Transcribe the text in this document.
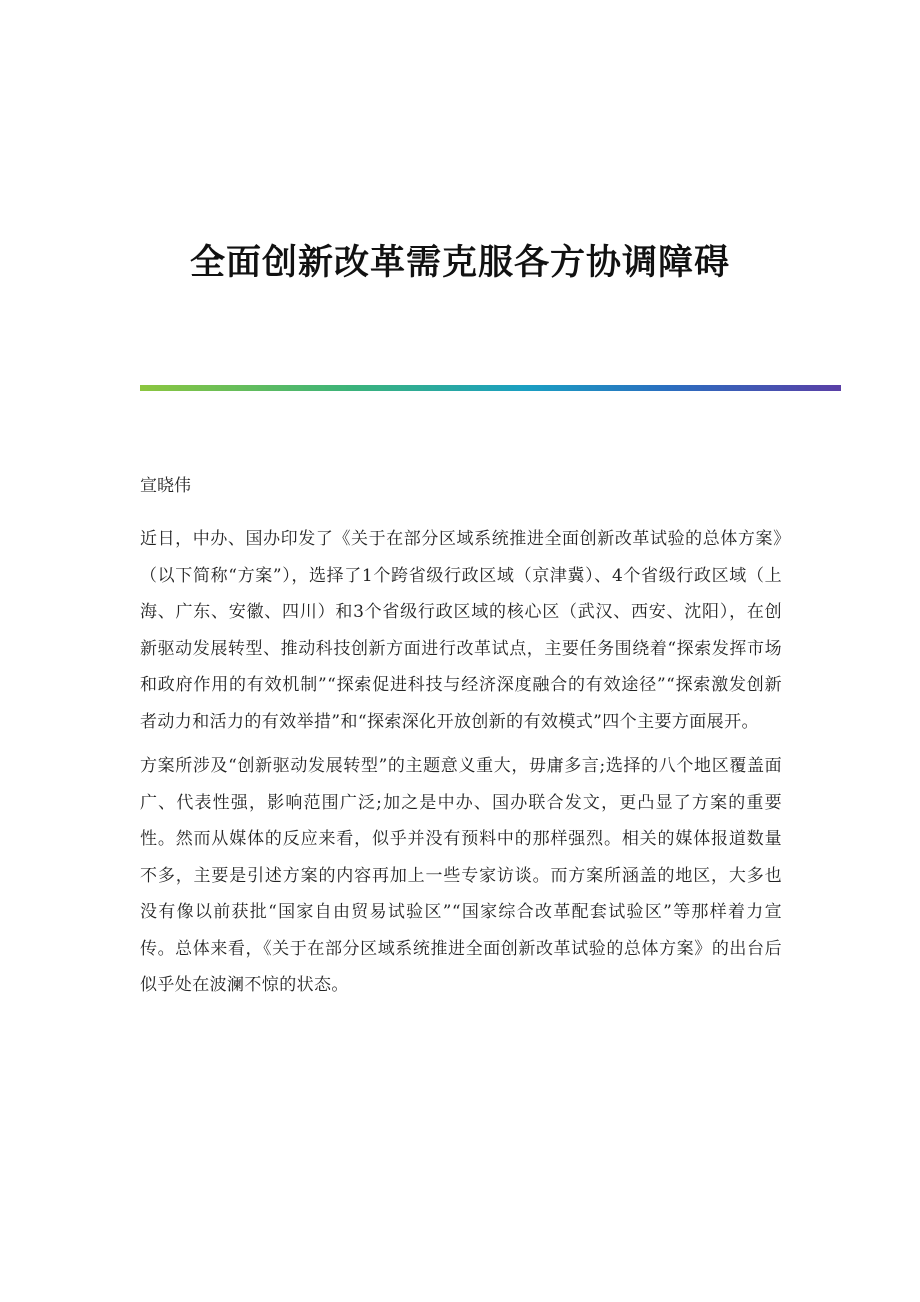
全面创新改革需克服各方协调障碍
宣晓伟

近日，中办、国办印发了《关于在部分区域系统推进全面创新改革试验的总体方案》（以下简称“方案”），选择了1个跨省级行政区域（京津冀）、4个省级行政区域（上海、广东、安徽、四川）和3个省级行政区域的核心区（武汉、西安、沈阳），在创新驱动发展转型、推动科技创新方面进行改革试点，主要任务围绕着“探索发挥市场和政府作用的有效机制”“探索促进科技与经济深度融合的有效途径”“探索激发创新者动力和活力的有效举措”和“探索深化开放创新的有效模式”四个主要方面展开。

方案所涉及“创新驱动发展转型”的主题意义重大，毋庸多言;选择的八个地区覆盖面广、代表性强，影响范围广泛;加之是中办、国办联合发文，更凸显了方案的重要性。然而从媒体的反应来看，似乎并没有预料中的那样强烈。相关的媒体报道数量不多，主要是引述方案的内容再加上一些专家访谈。而方案所涵盖的地区，大多也没有像以前获批“国家自由贸易试验区”“国家综合改革配套试验区”等那样着力宣传。总体来看，《关于在部分区域系统推进全面创新改革试验的总体方案》的出台后似乎处在波澜不惊的状态。
